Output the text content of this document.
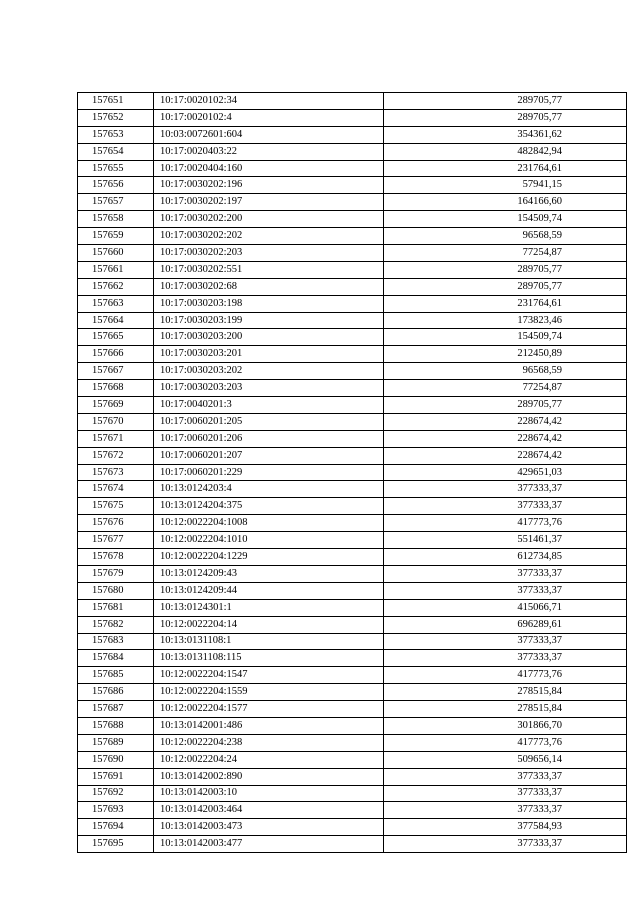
157651	10:17:0020102:34	289705,77
157652	10:17:0020102:4	289705,77
157653	10:03:0072601:604	354361,62
157654	10:17:0020403:22	482842,94
157655	10:17:0020404:160	231764,61
157656	10:17:0030202:196	57941,15
157657	10:17:0030202:197	164166,60
157658	10:17:0030202:200	154509,74
157659	10:17:0030202:202	96568,59
157660	10:17:0030202:203	77254,87
157661	10:17:0030202:551	289705,77
157662	10:17:0030202:68	289705,77
157663	10:17:0030203:198	231764,61
157664	10:17:0030203:199	173823,46
157665	10:17:0030203:200	154509,74
157666	10:17:0030203:201	212450,89
157667	10:17:0030203:202	96568,59
157668	10:17:0030203:203	77254,87
157669	10:17:0040201:3	289705,77
157670	10:17:0060201:205	228674,42
157671	10:17:0060201:206	228674,42
157672	10:17:0060201:207	228674,42
157673	10:17:0060201:229	429651,03
157674	10:13:0124203:4	377333,37
157675	10:13:0124204:375	377333,37
157676	10:12:0022204:1008	417773,76
157677	10:12:0022204:1010	551461,37
157678	10:12:0022204:1229	612734,85
157679	10:13:0124209:43	377333,37
157680	10:13:0124209:44	377333,37
157681	10:13:0124301:1	415066,71
157682	10:12:0022204:14	696289,61
157683	10:13:0131108:1	377333,37
157684	10:13:0131108:115	377333,37
157685	10:12:0022204:1547	417773,76
157686	10:12:0022204:1559	278515,84
157687	10:12:0022204:1577	278515,84
157688	10:13:0142001:486	301866,70
157689	10:12:0022204:238	417773,76
157690	10:12:0022204:24	509656,14
157691	10:13:0142002:890	377333,37
157692	10:13:0142003:10	377333,37
157693	10:13:0142003:464	377333,37
157694	10:13:0142003:473	377584,93
157695	10:13:0142003:477	377333,37
